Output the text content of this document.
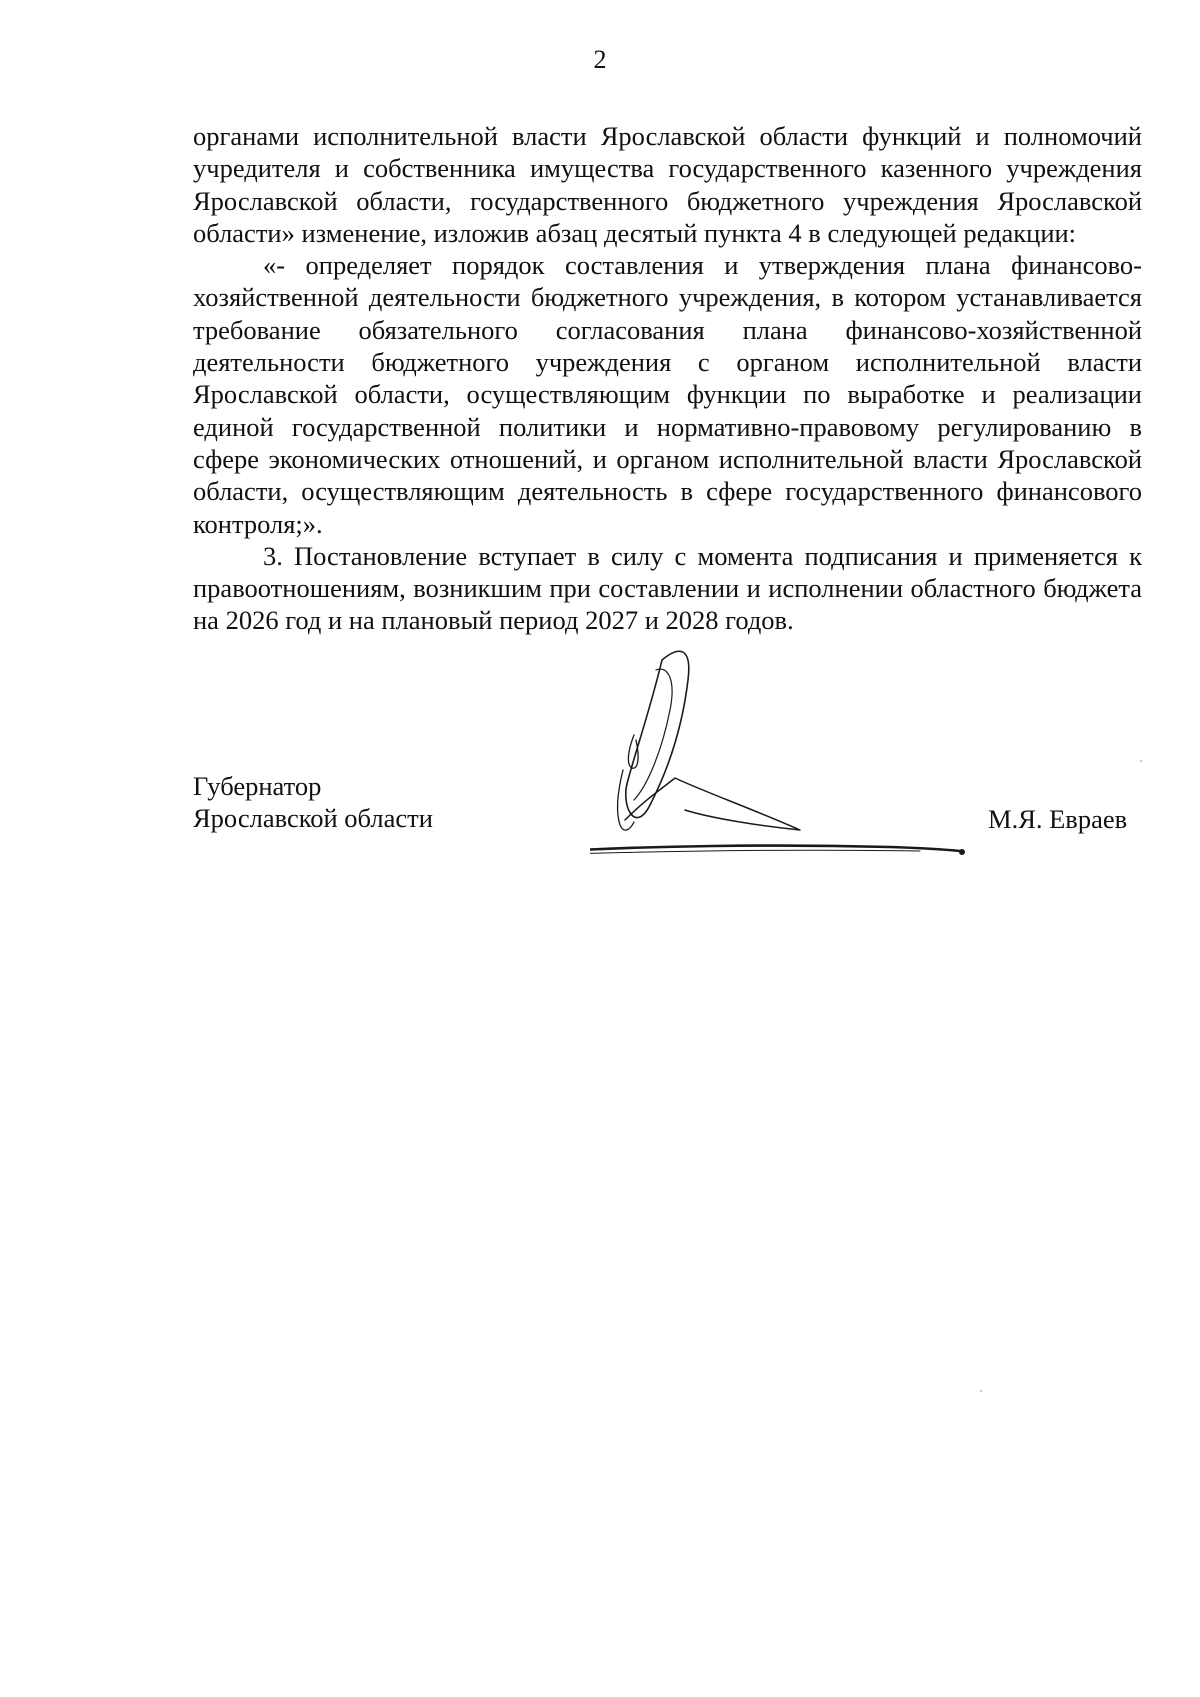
2

органами исполнительной власти Ярославской области функций и полномочий учредителя и собственника имущества государственного казенного учреждения Ярославской области, государственного бюджетного учреждения Ярославской области» изменение, изложив абзац десятый пункта 4 в следующей редакции:

«- определяет порядок составления и утверждения плана финансово-хозяйственной деятельности бюджетного учреждения, в котором устанавливается требование обязательного согласования плана финансово-хозяйственной деятельности бюджетного учреждения с органом исполнительной власти Ярославской области, осуществляющим функции по выработке и реализации единой государственной политики и нормативно-правовому регулированию в сфере экономических отношений, и органом исполнительной власти Ярославской области, осуществляющим деятельность в сфере государственного финансового контроля;».

3. Постановление вступает в силу с момента подписания и применяется к правоотношениям, возникшим при составлении и исполнении областного бюджета на 2026 год и на плановый период 2027 и 2028 годов.

Губернатор
Ярославской области	М.Я. Евраев
